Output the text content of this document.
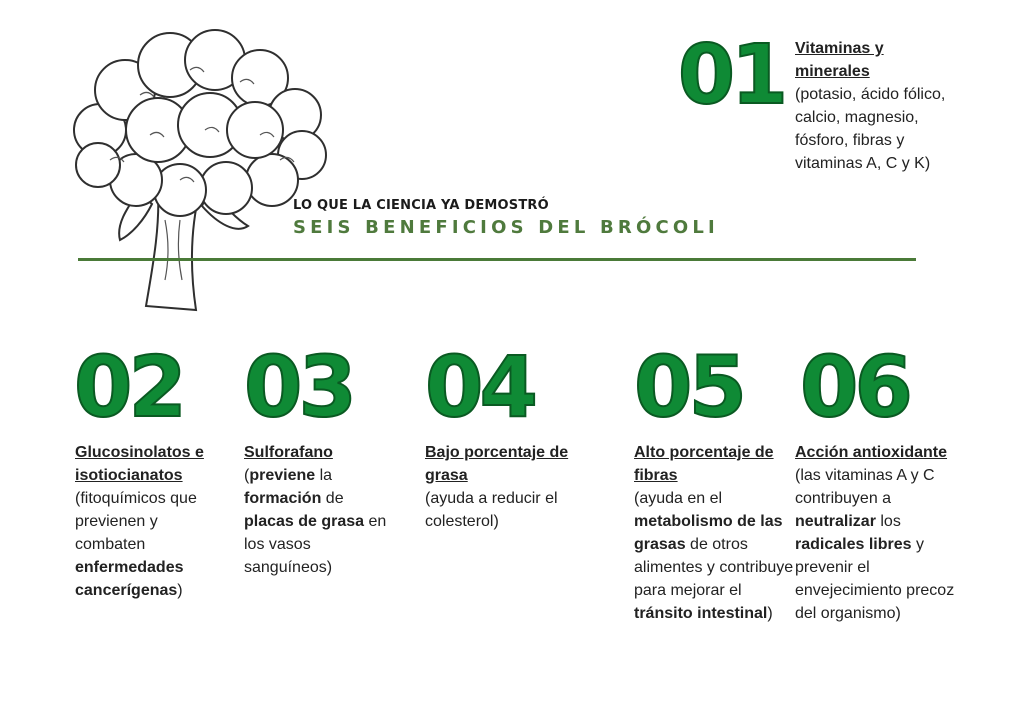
LO QUE LA CIENCIA YA DEMOSTRÓ
SEIS BENEFICIOS DEL BRÓCOLI
01
02 03 04 05 06
Vitaminas y minerales
(potasio, ácido fólico, calcio, magnesio, fósforo, fibras y vitaminas A, C y K)
Glucosinolatos e isotiocianatos
(fitoquímicos que previenen y combaten enfermedades cancerígenas)
Sulforafano
(previene la formación de placas de grasa en los vasos sanguíneos)
Bajo porcentaje de grasa
(ayuda a reducir el colesterol)
Alto porcentaje de fibras
(ayuda en el metabolismo de las grasas de otros alimentes y contribuye para mejorar el tránsito intestinal)
Acción antioxidante
(las vitaminas A y C contribuyen a neutralizar los radicales libres y prevenir el envejecimiento precoz del organismo)
